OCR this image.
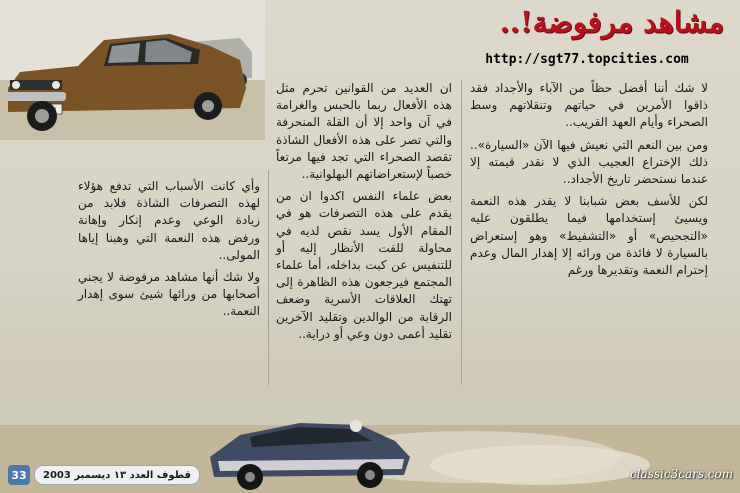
مشاهد مرفوضة!..
http://sgt77.topcities.com

لا شك أننا أفضل حظاً من الآباء والأجداد فقد ذاقوا الأمرين في حياتهم وتنقلاتهم وسط الصحراء وأيام العهد القريب..

ومن بين النعم التي نعيش فيها الآن «السيارة».. ذلك الإختراع العجيب الذي لا نقدر قيمته إلا عندما نستحضر تاريخ الأجداد..

لكن للأسف بعض شبابنا لا يقدر هذه النعمة ويسيئ إستخدامها فيما يطلقون عليه «التجحيص» أو «التشفيط» وهو إستعراض بالسيارة لا فائدة من ورائه إلا إهدار المال وعدم إحترام النعمة وتقديرها ورغم

ان العديد من القوانين تحرم مثل هذه الأفعال ربما بالحبس والغرامة في آن واحد إلا أن القلة المنحرفة والتي تصر على هذه الأفعال الشاذة تقصد الصحراء التي تجد فيها مرتعاً خصباً لإستعراضاتهم البهلوانية..

بعض علماء النفس اكدوا ان من يقدم على هذه التصرفات هو في المقام الأول يسد نقص لديه في محاولة للفت الأنظار إليه أو للتنفيس عن كبت بداخله، أما علماء المجتمع فيرجعون هذه الظاهرة إلى تهتك العلاقات الأسرية وضعف الرقابة من الوالدين وتقليد الآخرين تقليد أعمى دون وعي أو دراية..

وأي كانت الأسباب التي تدفع هؤلاء لهذه التصرفات الشاذة فلابد من زيادة الوعي وعدم إنكار وإهانة ورفض هذه النعمة التي وهبنا إياها المولى..

ولا شك أنها مشاهد مرفوضة لا يجني أصحابها من ورائها شيئ سوى إهدار النعمة..

33	قطوف العدد ١٣ ديسمبر 2003	classic3cars.com
